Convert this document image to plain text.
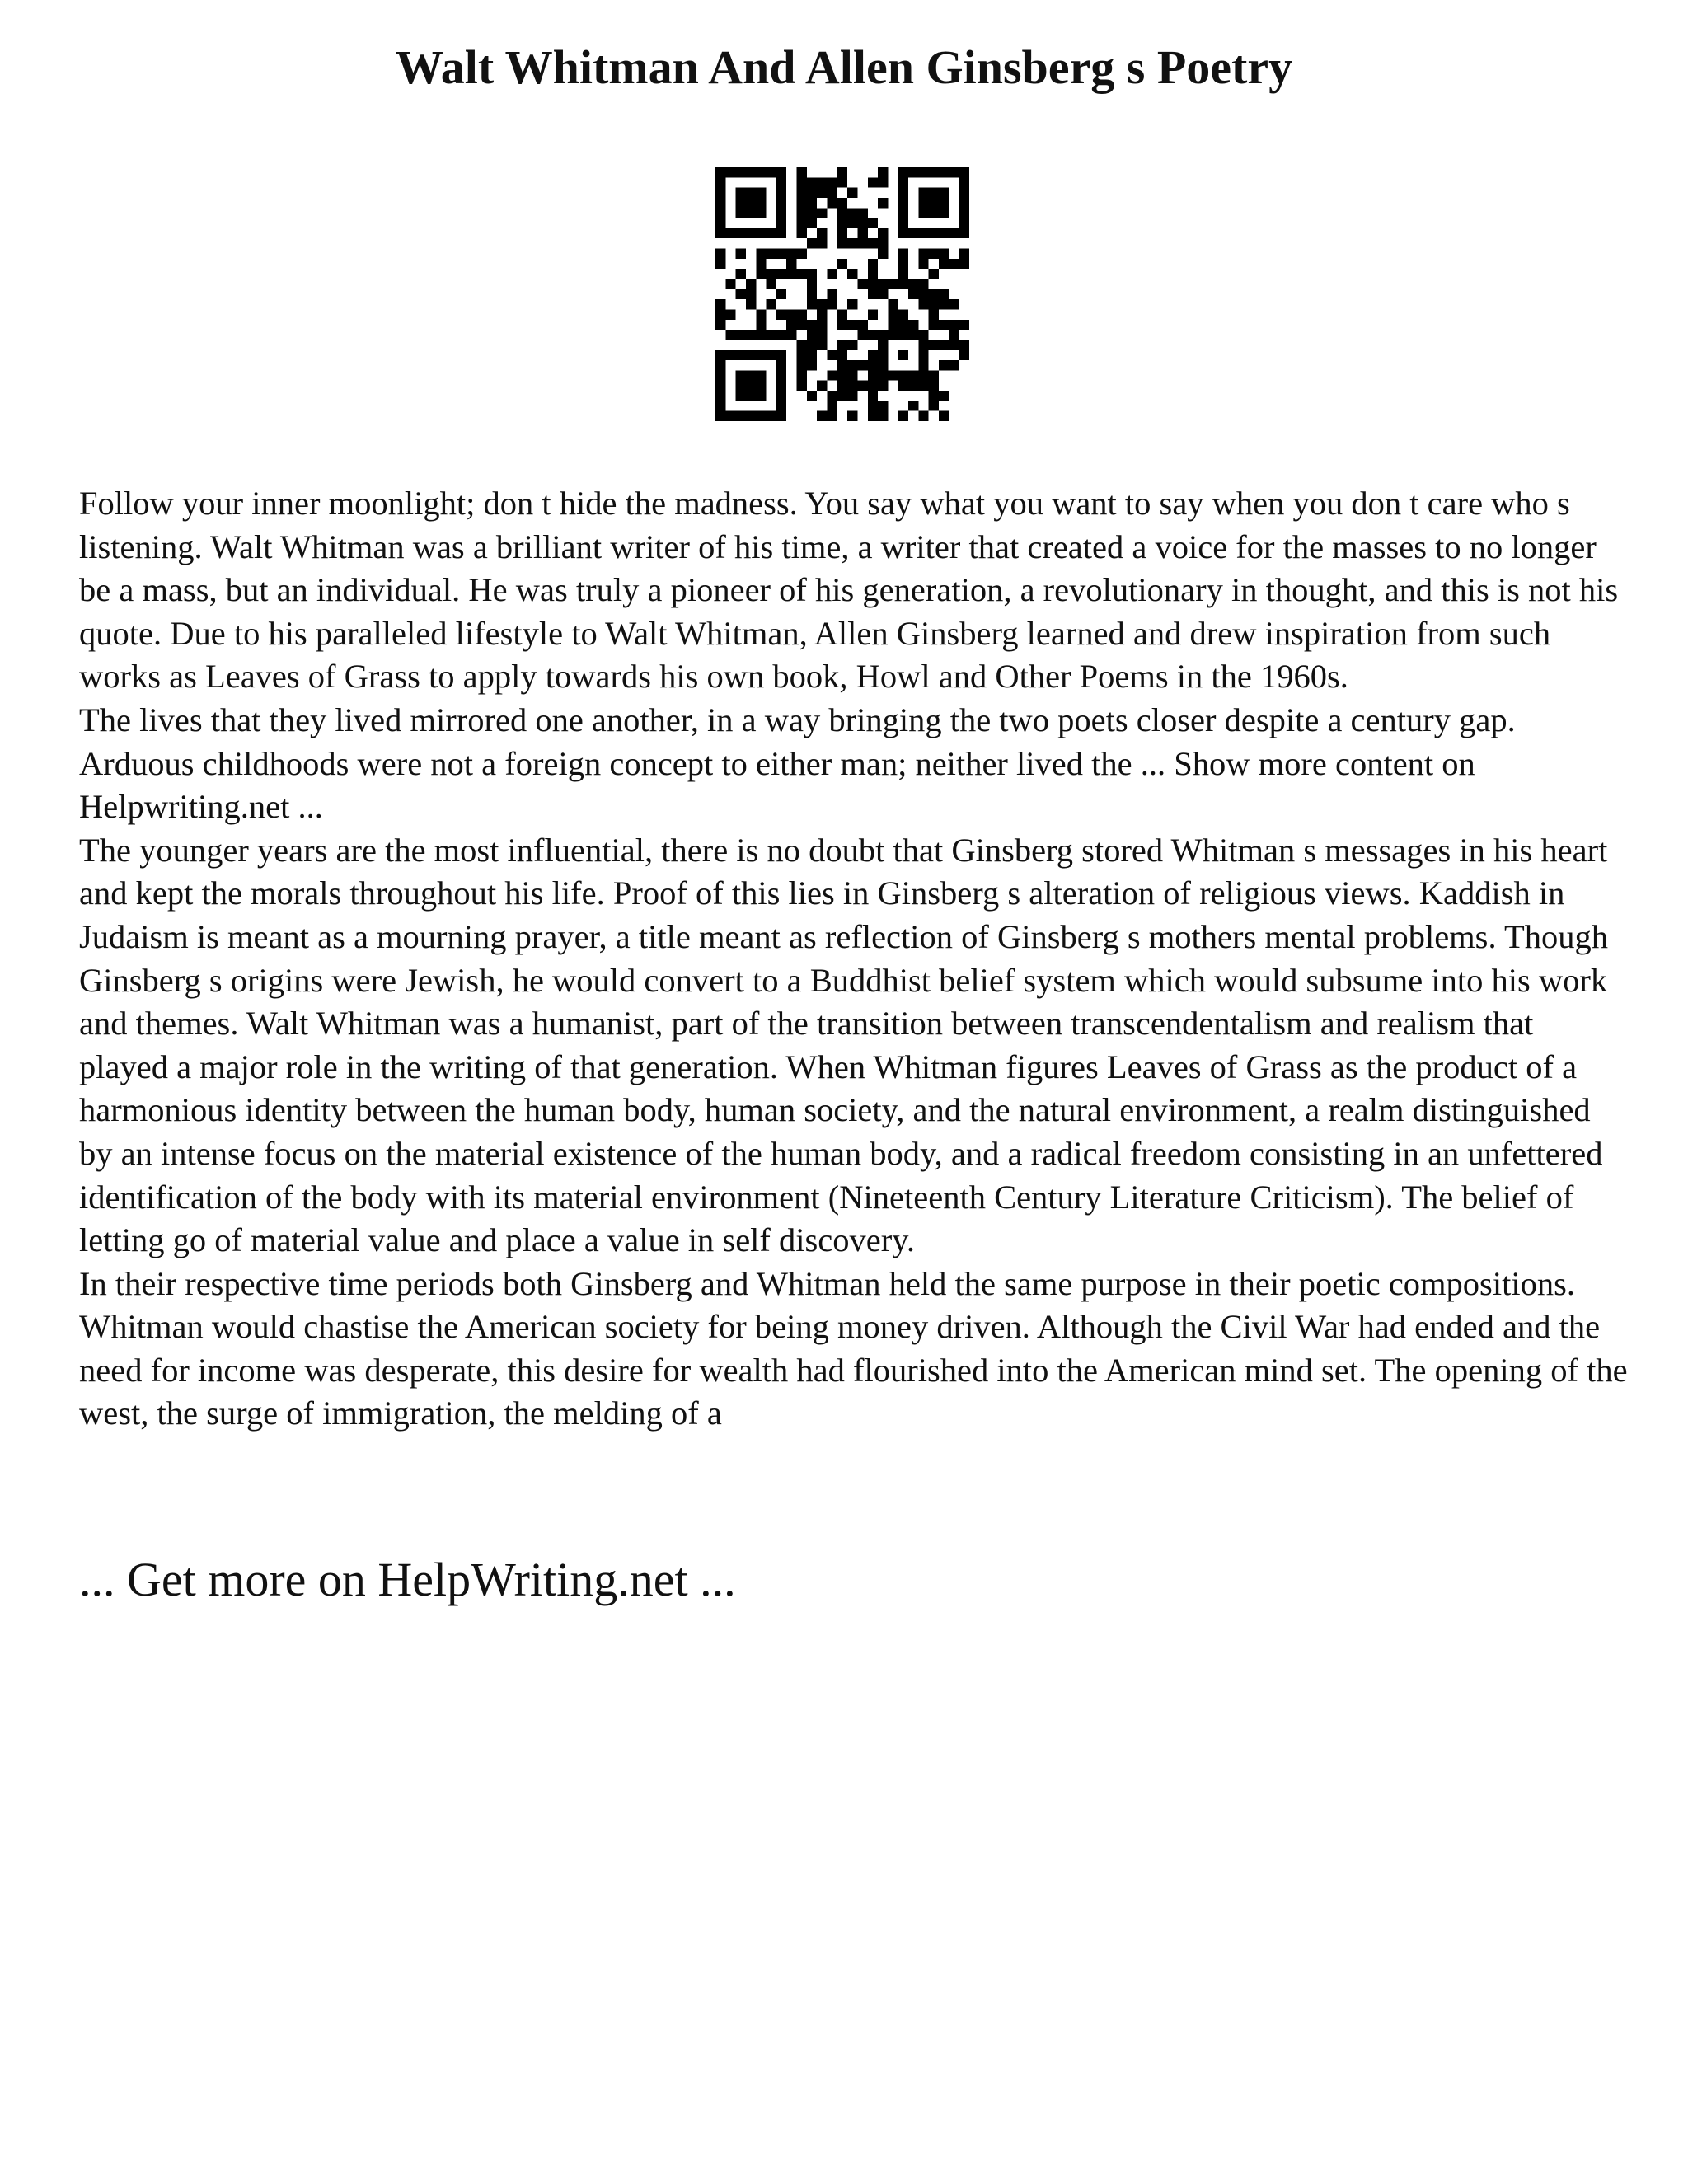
Walt Whitman And Allen Ginsberg s Poetry

Follow your inner moonlight; don t hide the madness. You say what you want to say when you don t care who s listening. Walt Whitman was a brilliant writer of his time, a writer that created a voice for the masses to no longer be a mass, but an individual. He was truly a pioneer of his generation, a revolutionary in thought, and this is not his quote. Due to his paralleled lifestyle to Walt Whitman, Allen Ginsberg learned and drew inspiration from such works as Leaves of Grass to apply towards his own book, Howl and Other Poems in the 1960s.

The lives that they lived mirrored one another, in a way bringing the two poets closer despite a century gap. Arduous childhoods were not a foreign concept to either man; neither lived the ... Show more content on Helpwriting.net ...

The younger years are the most influential, there is no doubt that Ginsberg stored Whitman s messages in his heart and kept the morals throughout his life. Proof of this lies in Ginsberg s alteration of religious views. Kaddish in Judaism is meant as a mourning prayer, a title meant as reflection of Ginsberg s mothers mental problems. Though Ginsberg s origins were Jewish, he would convert to a Buddhist belief system which would subsume into his work and themes. Walt Whitman was a humanist, part of the transition between transcendentalism and realism that played a major role in the writing of that generation. When Whitman figures Leaves of Grass as the product of a harmonious identity between the human body, human society, and the natural environment, a realm distinguished by an intense focus on the material existence of the human body, and a radical freedom consisting in an unfettered identification of the body with its material environment (Nineteenth Century Literature Criticism). The belief of letting go of material value and place a value in self discovery.

In their respective time periods both Ginsberg and Whitman held the same purpose in their poetic compositions. Whitman would chastise the American society for being money driven. Although the Civil War had ended and the need for income was desperate, this desire for wealth had flourished into the American mind set. The opening of the west, the surge of immigration, the melding of a

... Get more on HelpWriting.net ...
